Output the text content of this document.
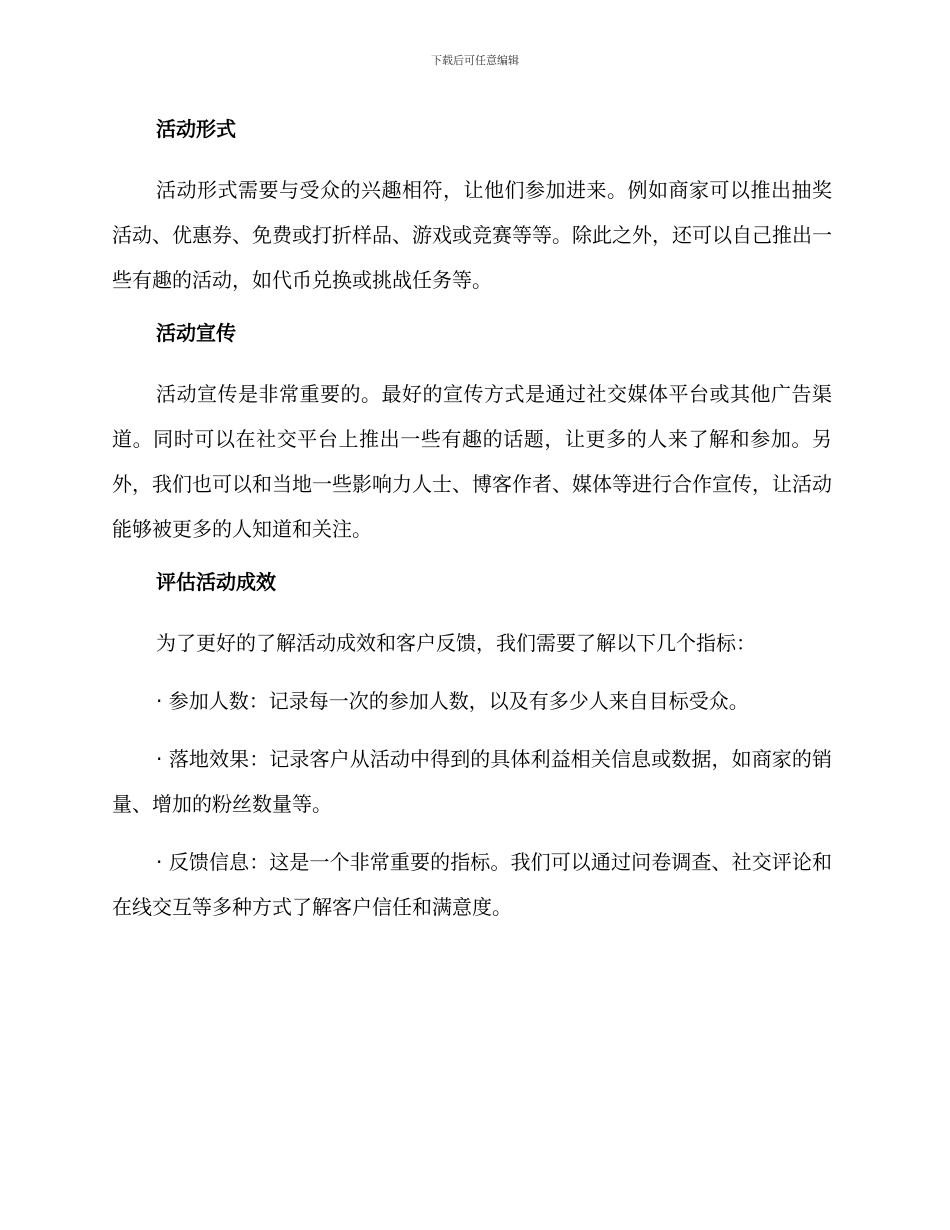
下载后可任意编辑
活动形式

活动形式需要与受众的兴趣相符，让他们参加进来。例如商家可以推出抽奖活动、优惠券、免费或打折样品、游戏或竞赛等等。除此之外，还可以自己推出一些有趣的活动，如代币兑换或挑战任务等。

活动宣传

活动宣传是非常重要的。最好的宣传方式是通过社交媒体平台或其他广告渠道。同时可以在社交平台上推出一些有趣的话题，让更多的人来了解和参加。另外，我们也可以和当地一些影响力人士、博客作者、媒体等进行合作宣传，让活动能够被更多的人知道和关注。

评估活动成效

为了更好的了解活动成效和客户反馈，我们需要了解以下几个指标：

· 参加人数：记录每一次的参加人数，以及有多少人来自目标受众。

· 落地效果：记录客户从活动中得到的具体利益相关信息或数据，如商家的销量、增加的粉丝数量等。

· 反馈信息：这是一个非常重要的指标。我们可以通过问卷调查、社交评论和在线交互等多种方式了解客户信任和满意度。
